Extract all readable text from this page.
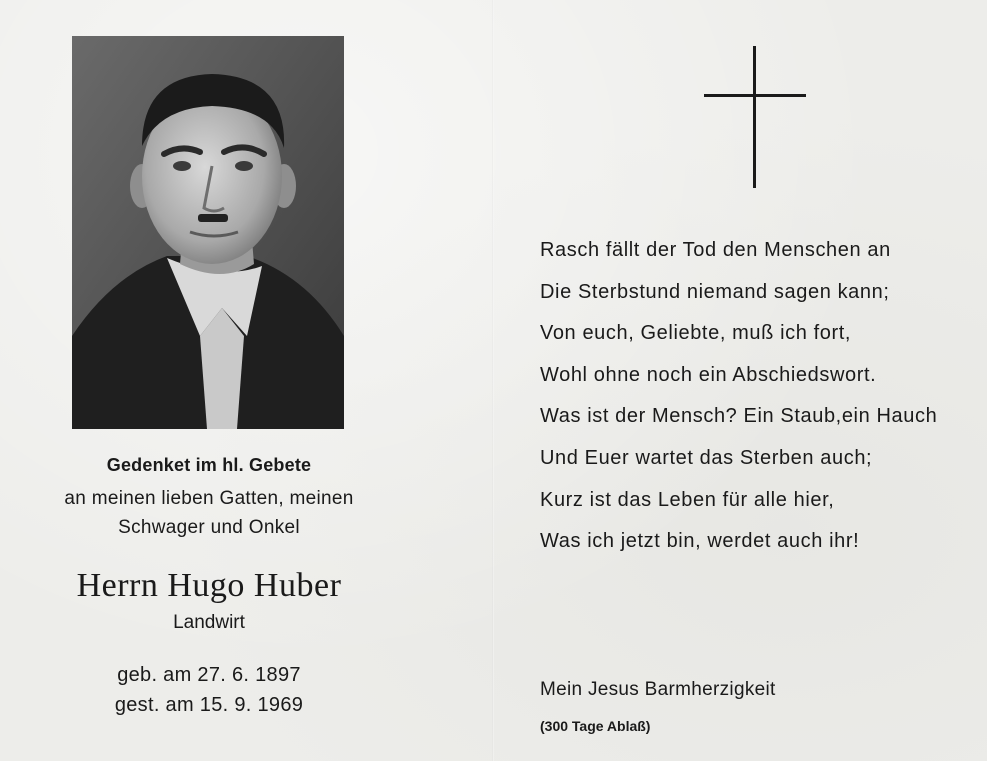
Gedenket im hl. Gebete
an meinen lieben Gatten, meinen
Schwager und Onkel
Herrn Hugo Huber
Landwirt
geb. am 27. 6. 1897
gest. am 15. 9. 1969
Rasch fällt der Tod den Menschen an
Die Sterbstund niemand sagen kann;
Von euch, Geliebte, muß ich fort,
Wohl ohne noch ein Abschiedswort.
Was ist der Mensch? Ein Staub,ein Hauch
Und Euer wartet das Sterben auch;
Kurz ist das Leben für alle hier,
Was ich jetzt bin, werdet auch ihr!
Mein Jesus Barmherzigkeit
(300 Tage Ablaß)
